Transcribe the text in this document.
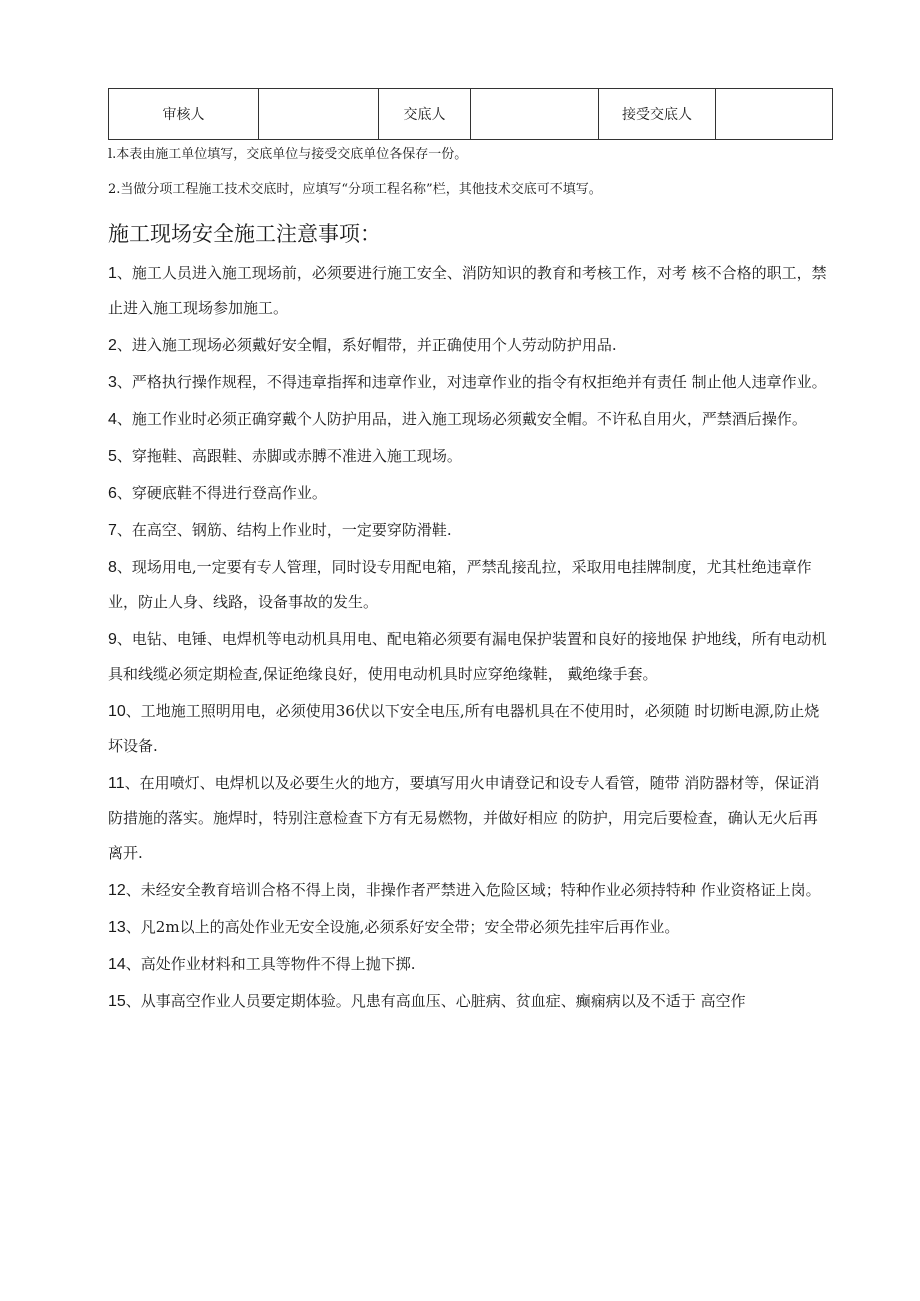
审核人		交底人		接受交底人	
l.本表由施工单位填写，交底单位与接受交底单位各保存一份。
2.当做分项工程施工技术交底时，应填写“分项工程名称”栏，其他技术交底可不填写。
施工现场安全施工注意事项：
1、施工人员进入施工现场前，必须要进行施工安全、消防知识的教育和考核工作，对考 核不合格的职工，禁止进入施工现场参加施工。
2、进入施工现场必须戴好安全帽，系好帽带，并正确使用个人劳动防护用品.
3、严格执行操作规程，不得违章指挥和违章作业，对违章作业的指令有权拒绝并有责任 制止他人违章作业。
4、施工作业时必须正确穿戴个人防护用品，进入施工现场必须戴安全帽。不许私自用火，严禁酒后操作。
5、穿拖鞋、高跟鞋、赤脚或赤膊不准进入施工现场。
6、穿硬底鞋不得进行登高作业。
7、在高空、钢筋、结构上作业时，一定要穿防滑鞋.
8、现场用电,一定要有专人管理，同时设专用配电箱，严禁乱接乱拉，采取用电挂牌制度，尤其杜绝违章作业，防止人身、线路，设备事故的发生。
9、电钻、电锤、电焊机等电动机具用电、配电箱必须要有漏电保护装置和良好的接地保 护地线，所有电动机具和线缆必须定期检查,保证绝缘良好，使用电动机具时应穿绝缘鞋， 戴绝缘手套。
10、工地施工照明用电，必须使用36伏以下安全电压,所有电器机具在不使用时，必须随 时切断电源,防止烧坏设备.
11、在用喷灯、电焊机以及必要生火的地方，要填写用火申请登记和设专人看管，随带 消防器材等，保证消防措施的落实。施焊时，特别注意检查下方有无易燃物，并做好相应 的防护，用完后要检查，确认无火后再离开.
12、未经安全教育培训合格不得上岗，非操作者严禁进入危险区域；特种作业必须持特种 作业资格证上岗。
13、凡2m以上的高处作业无安全设施,必须系好安全带；安全带必须先挂牢后再作业。
14、高处作业材料和工具等物件不得上抛下掷.
15、从事高空作业人员要定期体验。凡患有高血压、心脏病、贫血症、癫痫病以及不适于 高空作
